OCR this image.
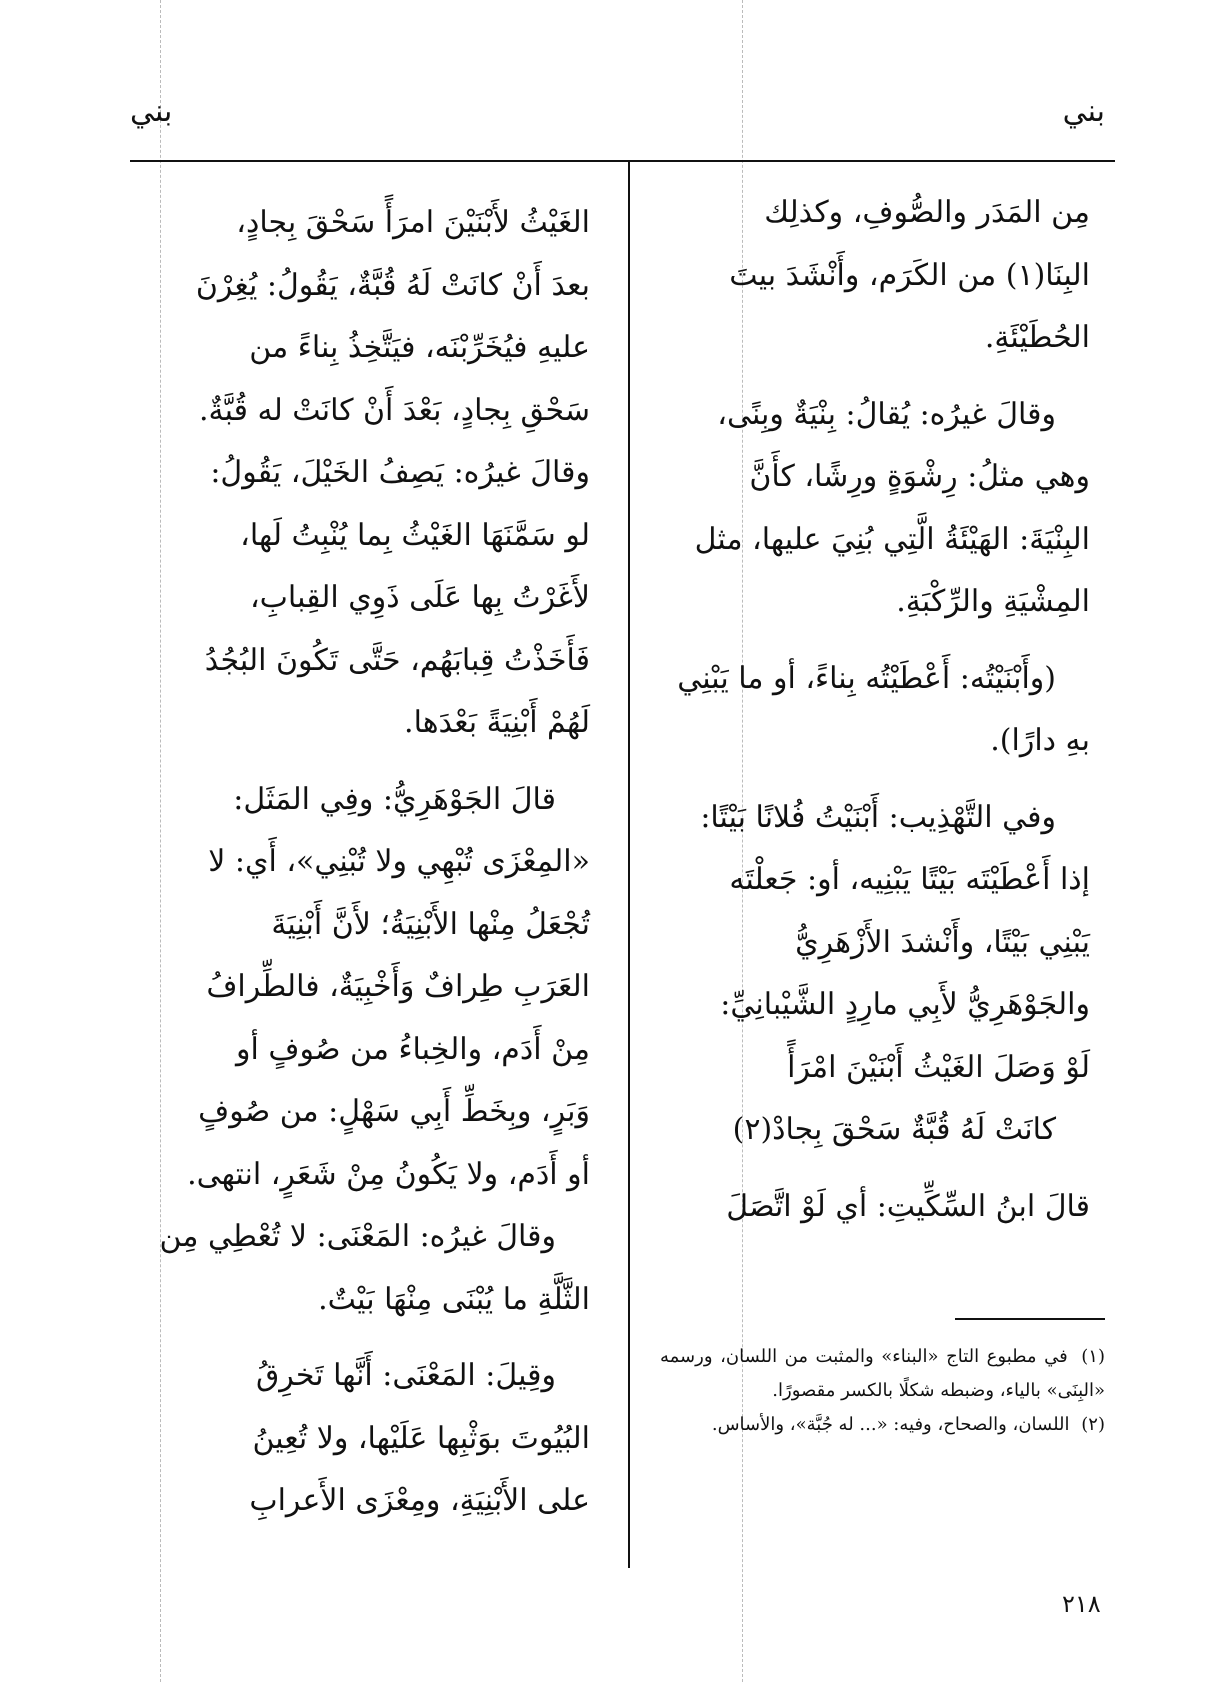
بني	بني

مِن المَدَر والصُّوفِ، وكذلِك

البِنَا(١) من الكَرَم، وأَنْشَدَ بيتَ

الحُطَيْئَةِ.

وقالَ غيرُه: يُقالُ: بِنْيَةٌ وبِنًى،

وهي مثلُ: رِشْوَةٍ ورِشًا، كأَنَّ

البِنْيَةَ: الهَيْئَةُ الَّتِي بُنِيَ عليها، مثل

المِشْيَةِ والرِّكْبَةِ.

(وأَبْنَيْتُه: أَعْطَيْتُه بِناءً، أو ما يَبْنِي

بهِ دارًا).

وفي التَّهْذِيب: أَبْنَيْتُ فُلانًا بَيْتًا:

إذا أَعْطَيْتَه بَيْتًا يَبْنِيه، أو: جَعلْتَه

يَبْنِي بَيْتًا، وأَنْشدَ الأَزْهَرِيُّ

والجَوْهَرِيُّ لأَبِي مارِدٍ الشَّيْبانِيِّ:

لَوْ وَصَلَ الغَيْثُ أَبْنَيْنَ امْرَأً

كانَتْ لَهُ قُبَّةٌ سَحْقَ بِجادْ(٢)

قالَ ابنُ السِّكِّيتِ: أي لَوْ اتَّصَلَ

الغَيْثُ لأَبْنَيْنَ امرَأً سَحْقَ بِجادٍ،

بعدَ أَنْ كانَتْ لَهُ قُبَّةٌ، يَقُولُ: يُغِرْنَ

عليهِ فيُخَرِّبْنَه، فيَتَّخِذُ بِناءً من

سَحْقِ بِجادٍ، بَعْدَ أَنْ كانَتْ له قُبَّةٌ.

وقالَ غيرُه: يَصِفُ الخَيْلَ، يَقُولُ:

لو سَمَّنَهَا الغَيْثُ بِما يُنْبِتُ لَها،

لأَغَرْتُ بِها عَلَى ذَوِي القِبابِ،

فَأَخَذْتُ قِبابَهُم، حَتَّى تَكُونَ البُجُدُ

لَهُمْ أَبْنِيَةً بَعْدَها.

قالَ الجَوْهَرِيُّ: وفِي المَثَل:

«المِعْزَى تُبْهِي ولا تُبْنِي»، أَي: لا

تُجْعَلُ مِنْها الأَبْنِيَةُ؛ لأَنَّ أَبْنِيَةَ

العَرَبِ طِرافٌ وَأَخْبِيَةٌ، فالطِّرافُ

مِنْ أَدَم، والخِباءُ من صُوفٍ أو

وَبَرٍ، وبِخَطِّ أَبِي سَهْلٍ: من صُوفٍ

أو أَدَم، ولا يَكُونُ مِنْ شَعَرٍ، انتهى.

وقالَ غيرُه: المَعْنَى: لا تُعْطِي مِن

الثَّلَّةِ ما يُبْنَى مِنْهَا بَيْتٌ.

وقِيلَ: المَعْنَى: أَنَّها تَخرِقُ

البُيُوتَ بوَثْبِها عَلَيْها، ولا تُعِينُ

على الأَبْنِيَةِ، ومِعْزَى الأَعرابِ

(١) في مطبوع التاج «البناء» والمثبت من اللسان، ورسمه «البِنَى» بالياء، وضبطه شكلًا بالكسر مقصورًا.

(٢) اللسان، والصحاح، وفيه: «... له جُبَّة»، والأساس.

٢١٨
